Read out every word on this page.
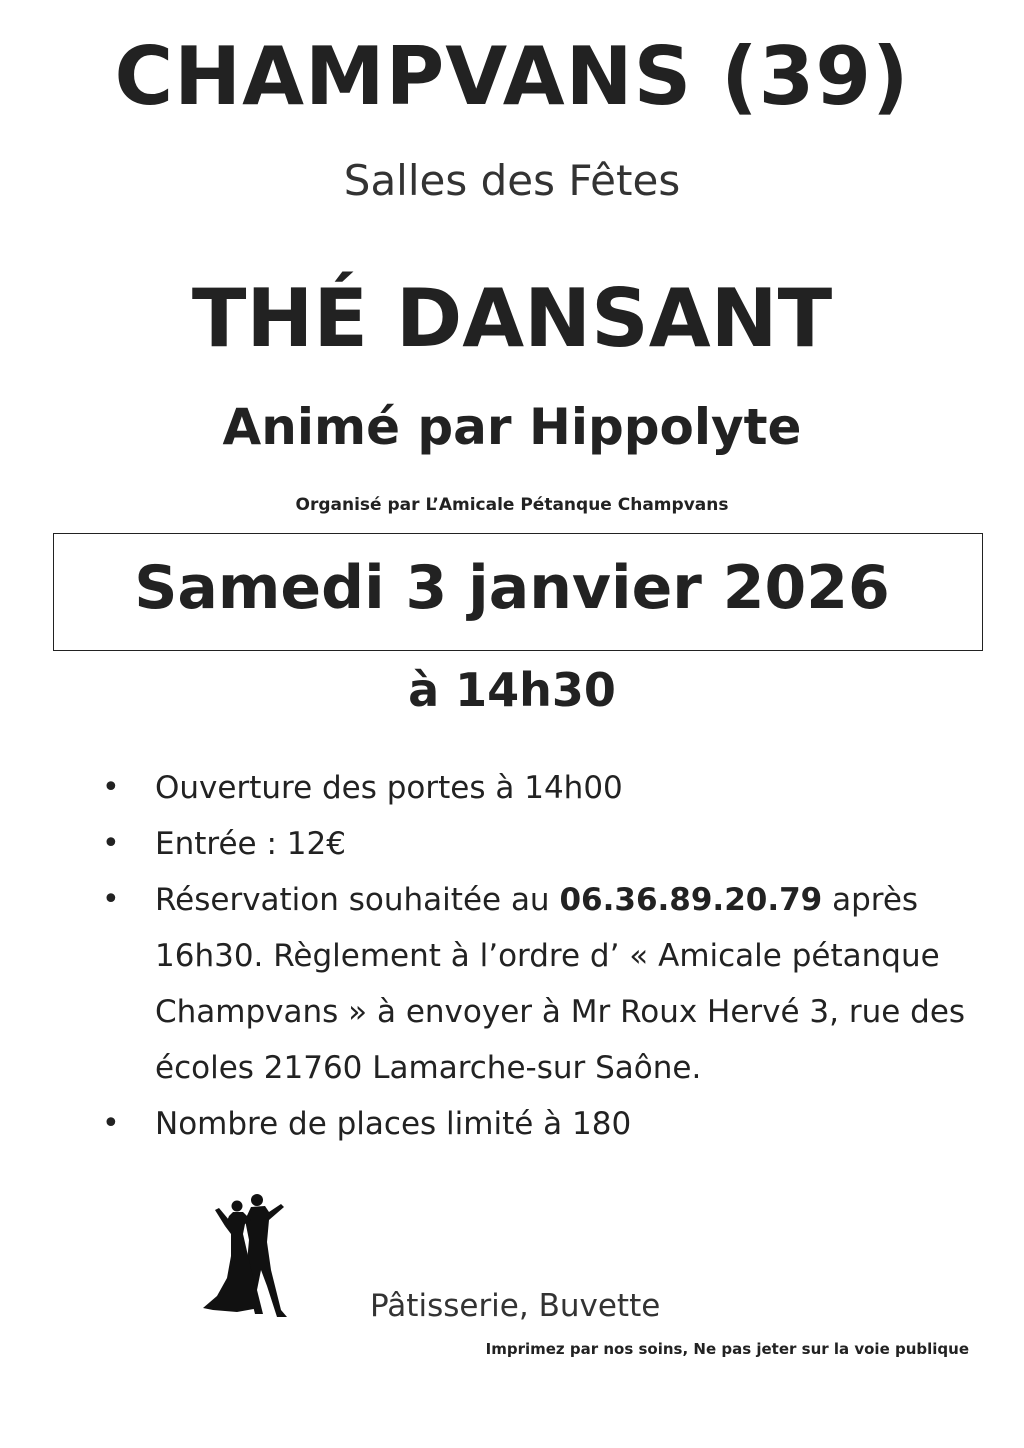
CHAMPVANS (39)
Salles des Fêtes
THÉ DANSANT
Animé par Hippolyte
Organisé par L’Amicale Pétanque Champvans
Samedi 3 janvier 2026
à 14h30
•	Ouverture des portes à 14h00
•	Entrée : 12€
•	Réservation souhaitée au 06.36.89.20.79 après 16h30. Règlement à l’ordre d’ « Amicale pétanque Champvans » à envoyer à Mr Roux Hervé 3, rue des écoles 21760 Lamarche-sur Saône.
•	Nombre de places limité à 180
Pâtisserie, Buvette
Imprimez par nos soins, Ne pas jeter sur la voie publique
